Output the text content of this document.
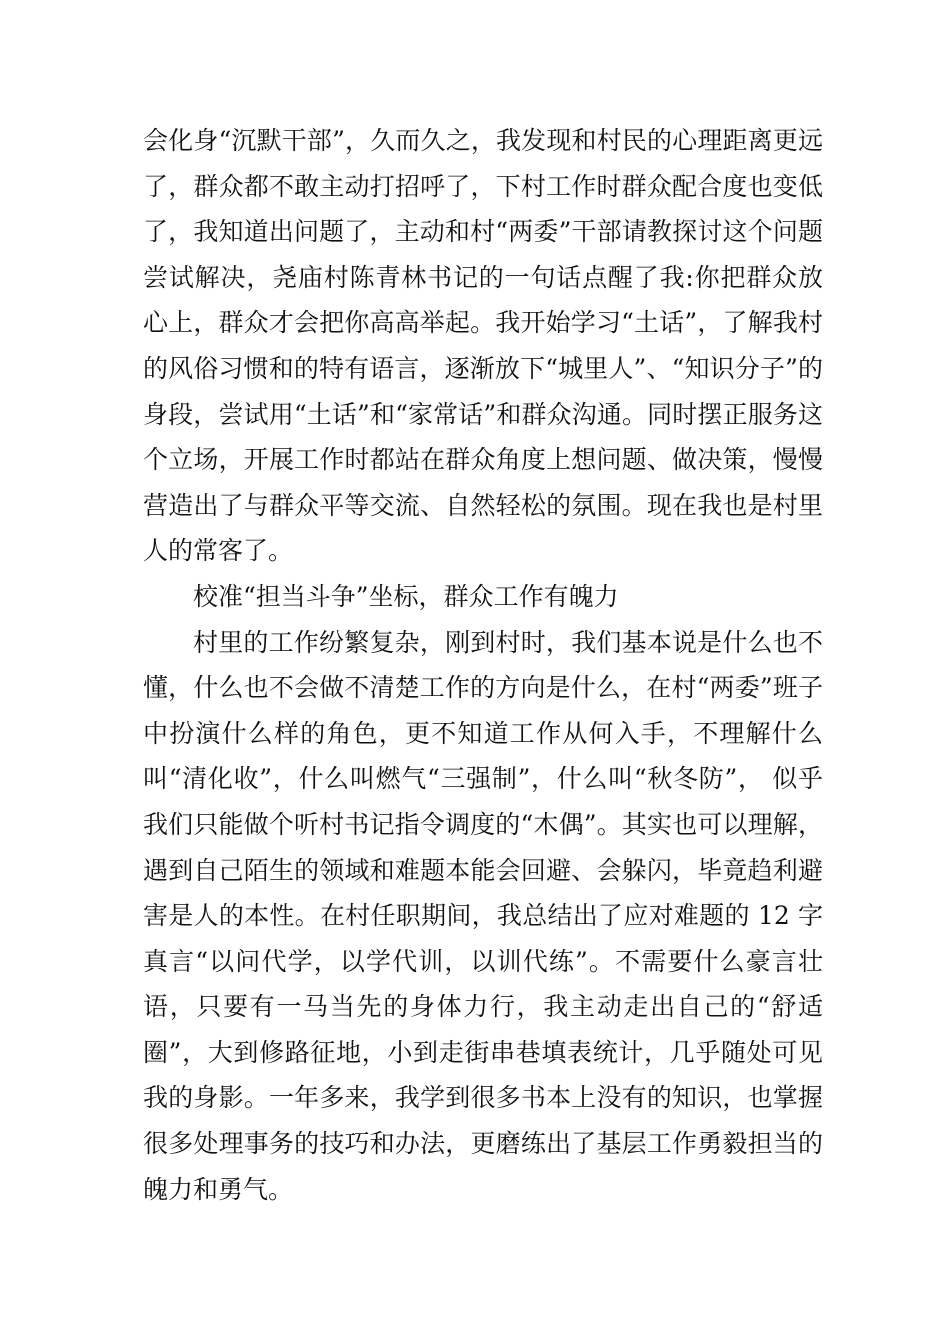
会化身“沉默干部”，久而久之，我发现和村民的心理距离更远了，群众都不敢主动打招呼了，下村工作时群众配合度也变低了，我知道出问题了，主动和村“两委”干部请教探讨这个问题尝试解决，尧庙村陈青林书记的一句话点醒了我:你把群众放心上，群众才会把你高高举起。我开始学习“土话”，了解我村的风俗习惯和的特有语言，逐渐放下“城里人”、“知识分子”的身段，尝试用“土话”和“家常话”和群众沟通。同时摆正服务这个立场，开展工作时都站在群众角度上想问题、做决策，慢慢营造出了与群众平等交流、自然轻松的氛围。现在我也是村里人的常客了。

校准“担当斗争”坐标，群众工作有魄力

村里的工作纷繁复杂，刚到村时，我们基本说是什么也不懂，什么也不会做不清楚工作的方向是什么，在村“两委”班子中扮演什么样的角色，更不知道工作从何入手，不理解什么叫“清化收”，什么叫燃气“三强制”，什么叫“秋冬防”， 似乎我们只能做个听村书记指令调度的“木偶”。其实也可以理解，遇到自己陌生的领域和难题本能会回避、会躲闪，毕竟趋利避害是人的本性。在村任职期间，我总结出了应对难题的 12 字真言“以问代学，以学代训，以训代练”。不需要什么豪言壮语，只要有一马当先的身体力行，我主动走出自己的“舒适圈”，大到修路征地，小到走街串巷填表统计，几乎随处可见我的身影。一年多来，我学到很多书本上没有的知识，也掌握很多处理事务的技巧和办法，更磨练出了基层工作勇毅担当的魄力和勇气。
